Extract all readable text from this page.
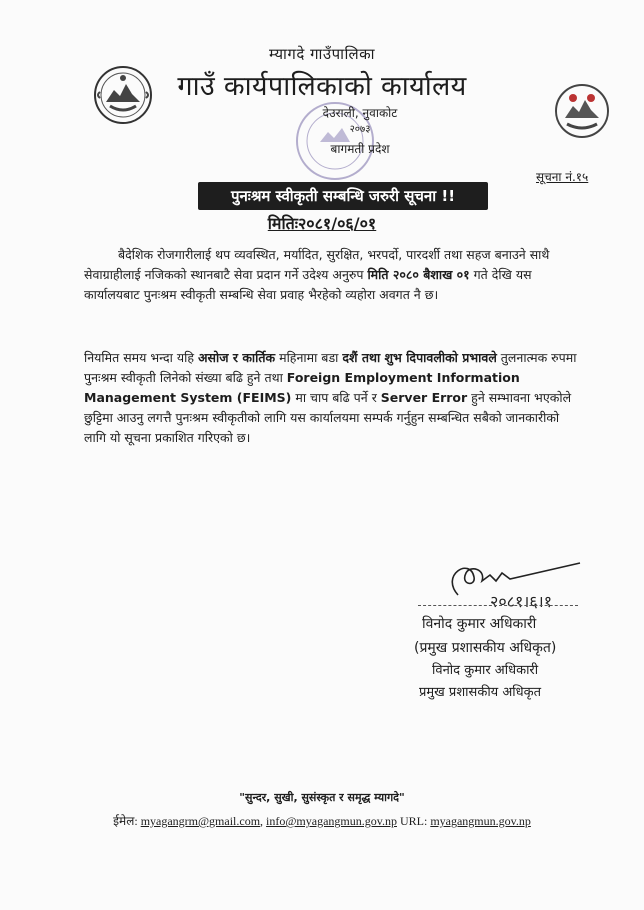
म्यागदे गाउँपालिका
गाउँ कार्यपालिकाको कार्यालय
देउराली, नुवाकोट
२०७३
बागमती प्रदेश
सूचना नं.१५
पुनःश्रम स्वीकृती सम्बन्धि जरुरी सूचना !!
मितिः२०८१/०६/०१
बैदेशिक रोजगारीलाई थप व्यवस्थित, मर्यादित, सुरक्षित, भरपर्दो, पारदर्शी तथा सहज बनाउने साथै सेवाग्राहीलाई नजिकको स्थानबाटै सेवा प्रदान गर्ने उदेश्य अनुरुप मिति २०८० बैशाख ०१ गते देखि यस कार्यालयबाट पुनःश्रम स्वीकृती सम्बन्धि सेवा प्रवाह भैरहेको व्यहोरा अवगत नै छ।
नियमित समय भन्दा यहि असोज र कार्तिक महिनामा बडा दशैं तथा शुभ दिपावलीको प्रभावले तुलनात्मक रुपमा पुनःश्रम स्वीकृती लिनेको संख्या बढि हुने तथा Foreign Employment Information Management System (FEIMS) मा चाप बढि पर्ने र Server Error हुने सम्भावना भएकोले छुट्टिमा आउनु लगत्तै पुनःश्रम स्वीकृतीको लागि यस कार्यालयमा सम्पर्क गर्नुहुन सम्बन्धित सबैको जानकारीको लागि यो सूचना प्रकाशित गरिएको छ।
२०८१।६।१
विनोद कुमार अधिकारी
(प्रमुख प्रशासकीय अधिकृत)
विनोद कुमार अधिकारी
प्रमुख प्रशासकीय अधिकृत
"सुन्दर, सुखी, सुसंस्कृत र समृद्ध म्यागदे"
ईमेल: myagangrm@gmail.com, info@myagangmun.gov.np URL: myagangmun.gov.np
